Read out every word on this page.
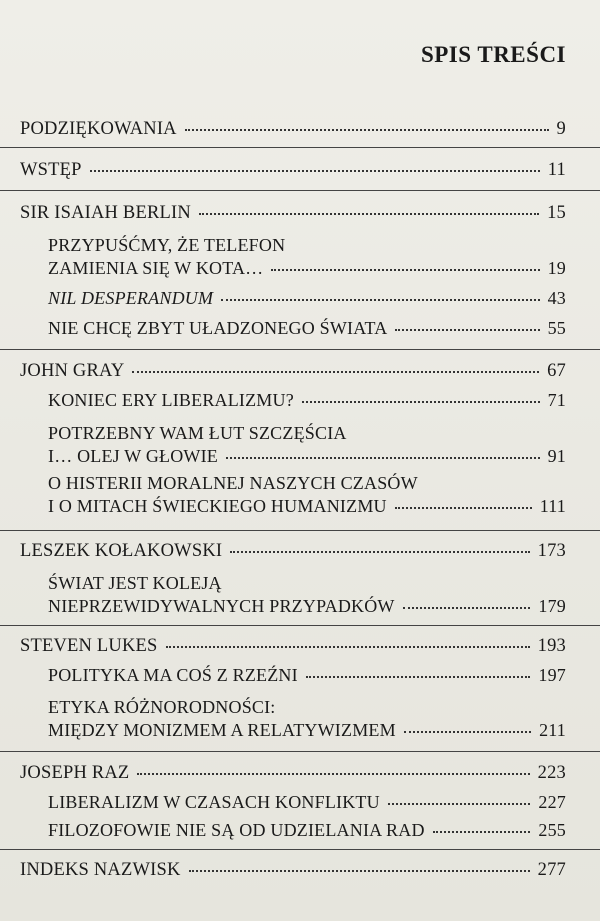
SPIS TREŚCI
PODZIĘKOWANIA	9
WSTĘP	11
SIR ISAIAH BERLIN	15
PRZYPUŚĆMY, ŻE TELEFON
ZAMIENIA SIĘ W KOTA…	19
NIL DESPERANDUM	43
NIE CHCĘ ZBYT UŁADZONEGO ŚWIATA	55
JOHN GRAY	67
KONIEC ERY LIBERALIZMU?	71
POTRZEBNY WAM ŁUT SZCZĘŚCIA
I… OLEJ W GŁOWIE	91
O HISTERII MORALNEJ NASZYCH CZASÓW
I O MITACH ŚWIECKIEGO HUMANIZMU	111
LESZEK KOŁAKOWSKI	173
ŚWIAT JEST KOLEJĄ
NIEPRZEWIDYWALNYCH PRZYPADKÓW	179
STEVEN LUKES	193
POLITYKA MA COŚ Z RZEŹNI	197
ETYKA RÓŻNORODNOŚCI:
MIĘDZY MONIZMEM A RELATYWIZMEM	211
JOSEPH RAZ	223
LIBERALIZM W CZASACH KONFLIKTU	227
FILOZOFOWIE NIE SĄ OD UDZIELANIA RAD	255
INDEKS NAZWISK	277
